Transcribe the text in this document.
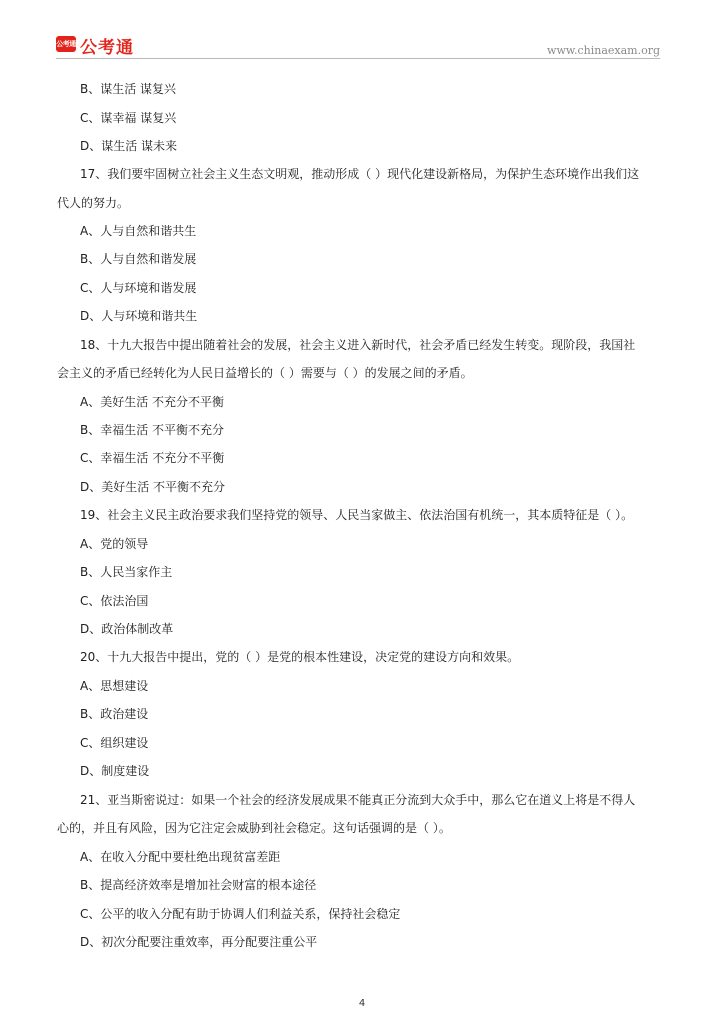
公考通 公考通	www.chinaexam.org
B、谋生活 谋复兴
C、谋幸福 谋复兴
D、谋生活 谋未来
17、我们要牢固树立社会主义生态文明观，推动形成（ ）现代化建设新格局，为保护生态环境作出我们这
代人的努力。
A、人与自然和谐共生
B、人与自然和谐发展
C、人与环境和谐发展
D、人与环境和谐共生
18、十九大报告中提出随着社会的发展，社会主义进入新时代，社会矛盾已经发生转变。现阶段，我国社
会主义的矛盾已经转化为人民日益增长的（ ）需要与（ ）的发展之间的矛盾。
A、美好生活 不充分不平衡
B、幸福生活 不平衡不充分
C、幸福生活 不充分不平衡
D、美好生活 不平衡不充分
19、社会主义民主政治要求我们坚持党的领导、人民当家做主、依法治国有机统一，其本质特征是（ ）。
A、党的领导
B、人民当家作主
C、依法治国
D、政治体制改革
20、十九大报告中提出，党的（ ）是党的根本性建设，决定党的建设方向和效果。
A、思想建设
B、政治建设
C、组织建设
D、制度建设
21、亚当斯密说过：如果一个社会的经济发展成果不能真正分流到大众手中，那么它在道义上将是不得人
心的，并且有风险，因为它注定会威胁到社会稳定。这句话强调的是（ ）。
A、在收入分配中要杜绝出现贫富差距
B、提高经济效率是增加社会财富的根本途径
C、公平的收入分配有助于协调人们利益关系，保持社会稳定
D、初次分配要注重效率，再分配要注重公平
4
